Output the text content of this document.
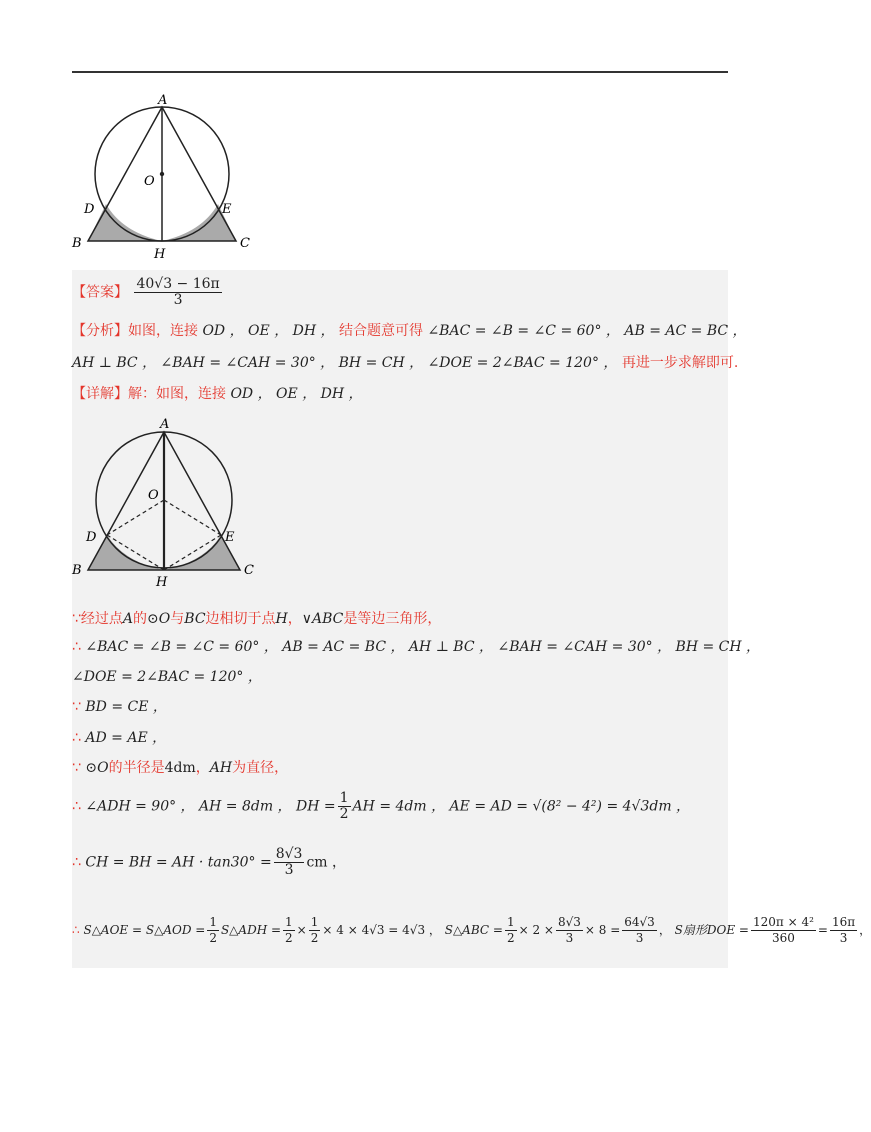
A
O
D	E
B
H
C
【答案】 $\frac{40√3 - 16\pi}{3}$
【分析】如图，连接 OD ， OE ， DH ， 结合题意可得 ∠BAC = ∠B = ∠C = 60° ， AB = AC = BC ，
AH ⊥ BC ， ∠BAH = ∠CAH = 30° ， BH = CH ， ∠DOE = 2∠BAC = 120° ， 再进一步求解即可.
【详解】解：如图，连接 OD ， OE ， DH ，
A
O
D	E
B
H
C
∵经过点A的⊙O与BC边相切于点H，∨ABC是等边三角形，
∴ ∠BAC = ∠B = ∠C = 60° ， AB = AC = BC ， AH ⊥ BC ， ∠BAH = ∠CAH = 30° ， BH = CH ，
∠DOE = 2∠BAC = 120° ，
∵ BD = CE ，
∴ AD = AE ，
∵ ⊙O的半径是4dm，AH为直径，
∴ ∠ADH = 90° ， AH = 8dm ， DH = $\frac{1}{2}$ AH = 4dm ， AE = AD = √(8² − 4²) = 4√3dm ，
∴ CH = BH = AH · $\tan 30^\circ = \frac{8√3}{3}$ cm ，
∴ S△AOE = S△AOD = $\frac{1}{2}$ S△ADH = $\frac{1}{2} \times \frac{1}{2} \times 4 \times 4√3 = 4√3$ ， S△ABC = $\frac{1}{2} \times 2 \times \frac{8√3}{3} \times 8 = \frac{64√3}{3}$ ， S扇形DOE = $\frac{\text{120π × 4²}}{360} = \frac{16\pi}{3}$ ，
